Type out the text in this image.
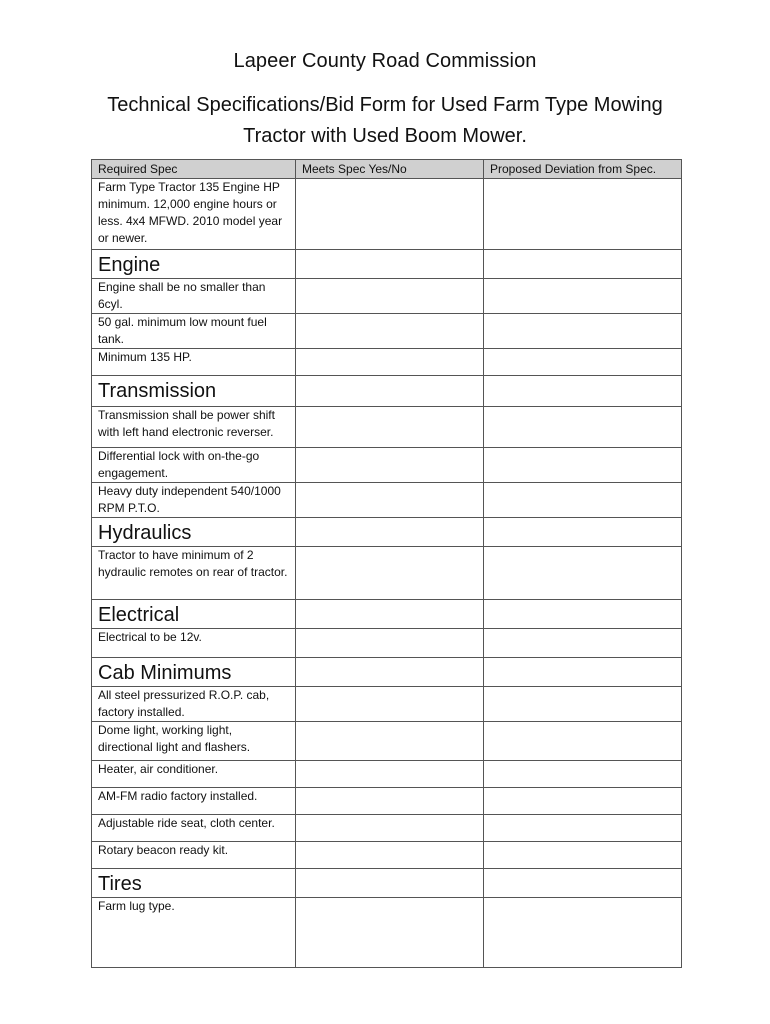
Lapeer County Road Commission
Technical Specifications/Bid Form for Used Farm Type Mowing Tractor with Used Boom Mower.
Required Spec	Meets Spec Yes/No	Proposed Deviation from Spec.
Farm Type Tractor 135 Engine HP minimum. 12,000 engine hours or less. 4x4 MFWD. 2010 model year or newer.		
Engine		
Engine shall be no smaller than 6cyl.		
50 gal. minimum low mount fuel tank.		
Minimum 135 HP.		
Transmission		
Transmission shall be power shift with left hand electronic reverser.		
Differential lock with on-the-go engagement.		
Heavy duty independent 540/1000 RPM P.T.O.		
Hydraulics		
Tractor to have minimum of 2 hydraulic remotes on rear of tractor.		
Electrical		
Electrical to be 12v.		
Cab Minimums		
All steel pressurized R.O.P. cab, factory installed.		
Dome light, working light, directional light and flashers.		
Heater, air conditioner.		
AM-FM radio factory installed.		
Adjustable ride seat, cloth center.		
Rotary beacon ready kit.		
Tires		
Farm lug type.		
